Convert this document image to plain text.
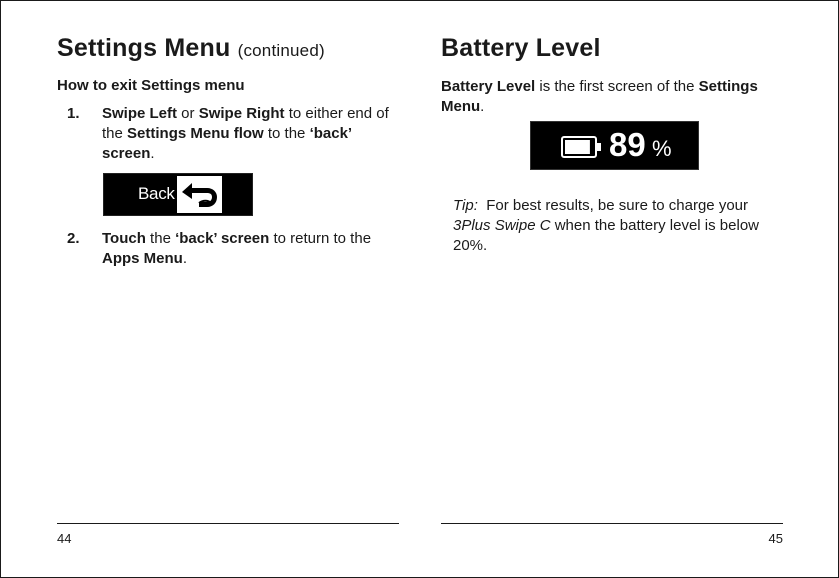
Settings Menu (continued)
How to exit Settings menu
1. Swipe Left or Swipe Right to either end of the Settings Menu flow to the ‘back’ screen.
Back
2. Touch the ‘back’ screen to return to the Apps Menu.
44
Battery Level
Battery Level is the first screen of the Settings Menu.
89 %
Tip:  For best results, be sure to charge your 3Plus Swipe C when the battery level is below 20%.
45
